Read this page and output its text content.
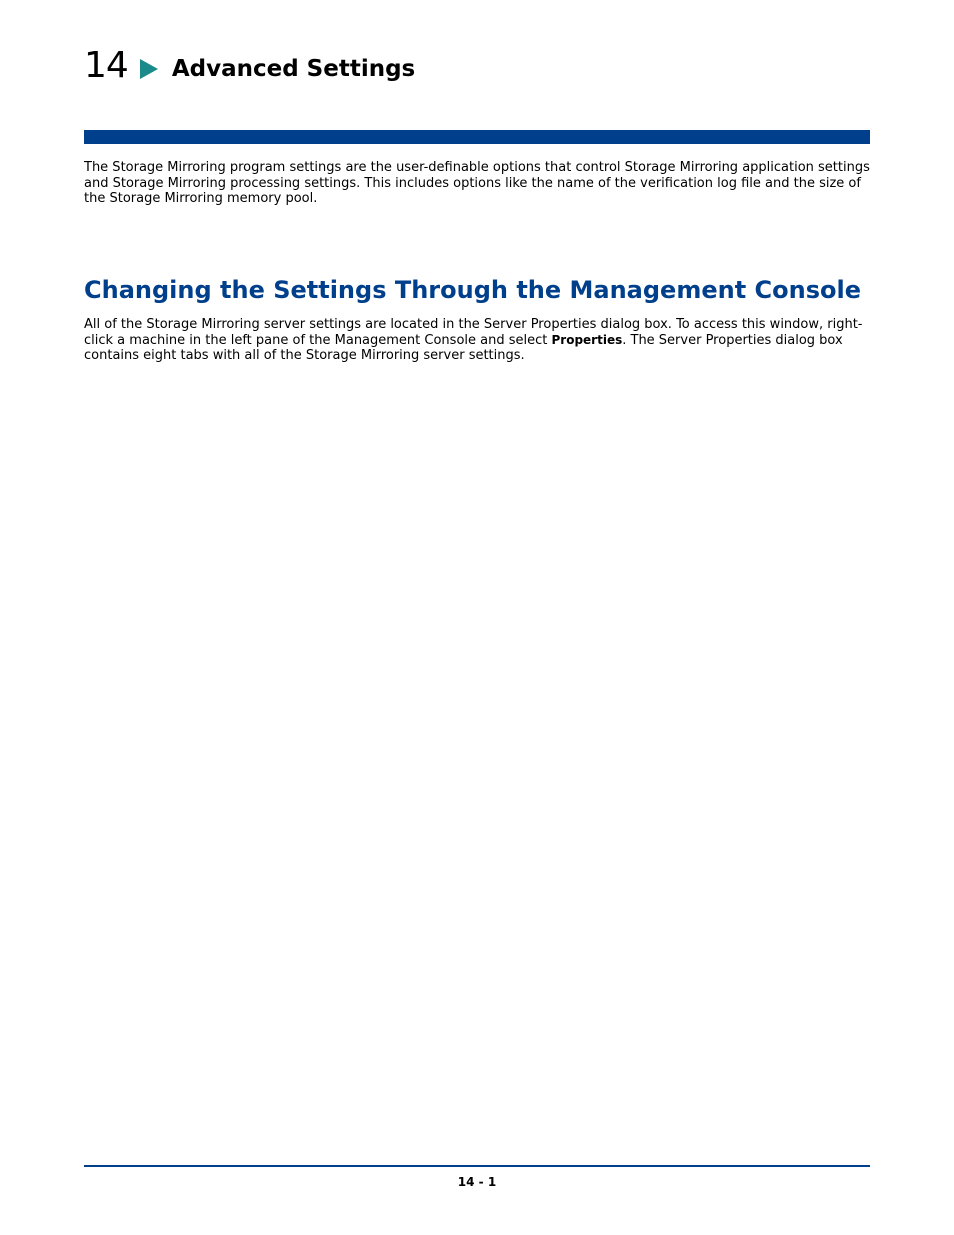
14 Advanced Settings

The Storage Mirroring program settings are the user-definable options that control Storage Mirroring application settings and Storage Mirroring processing settings. This includes options like the name of the verification log file and the size of the Storage Mirroring memory pool.

Changing the Settings Through the Management Console

All of the Storage Mirroring server settings are located in the Server Properties dialog box. To access this window, right-click a machine in the left pane of the Management Console and select Properties. The Server Properties dialog box contains eight tabs with all of the Storage Mirroring server settings.

14 - 1
